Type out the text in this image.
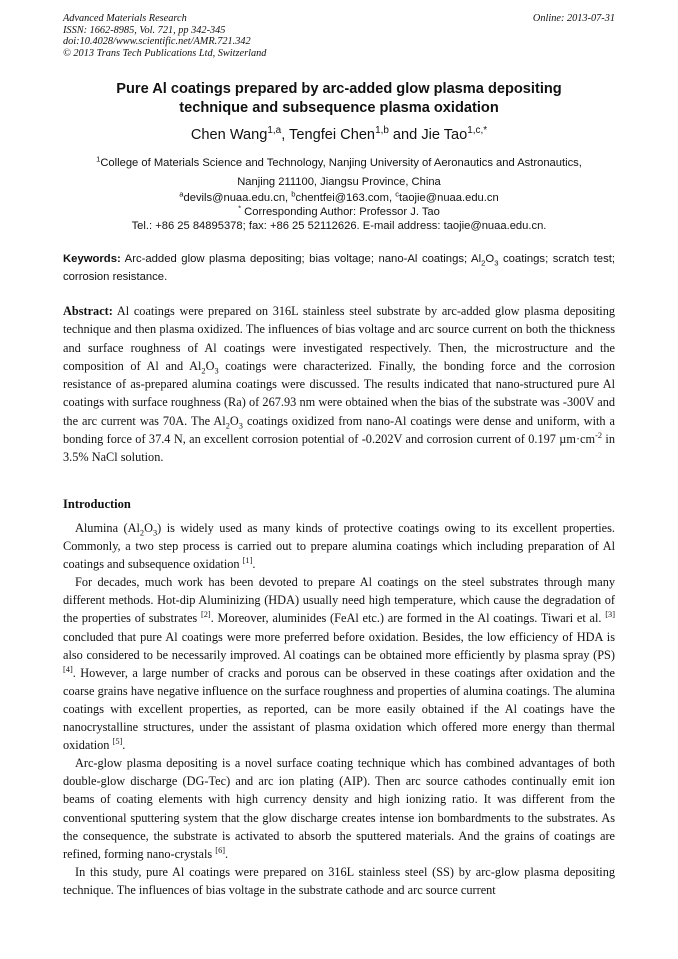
Advanced Materials Research
ISSN: 1662-8985, Vol. 721, pp 342-345
doi:10.4028/www.scientific.net/AMR.721.342
© 2013 Trans Tech Publications Ltd, Switzerland
Online: 2013-07-31
Pure Al coatings prepared by arc-added glow plasma depositing
technique and subsequence plasma oxidation
Chen Wang$^{1,a}$, Tengfei Chen$^{1,b}$ and Jie Tao$^{1,c,*}$
$^1$College of Materials Science and Technology, Nanjing University of Aeronautics and Astronautics,
Nanjing 211100, Jiangsu Province, China
$^a$devils@nuaa.edu.cn, $^b$chentfei@163.com, $^c$taojie@nuaa.edu.cn
* Corresponding Author: Professor J. Tao
Tel.: +86 25 84895378; fax: +86 25 52112626. E-mail address: taojie@nuaa.edu.cn.
Keywords: Arc-added glow plasma depositing; bias voltage; nano-Al coatings; $Al_2O_3$ coatings; scratch test; corrosion resistance.
Abstract: Al coatings were prepared on 316L stainless steel substrate by arc-added glow plasma depositing technique and then plasma oxidized. The influences of bias voltage and arc source current on both the thickness and surface roughness of Al coatings were investigated respectively. Then, the microstructure and the composition of Al and $Al_2O_3$ coatings were characterized. Finally, the bonding force and the corrosion resistance of as-prepared alumina coatings were discussed. The results indicated that nano-structured pure Al coatings with surface roughness (Ra) of 267.93 nm were obtained when the bias of the substrate was -300V and the arc current was 70A. The $Al_2O_3$ coatings oxidized from nano-Al coatings were dense and uniform, with a bonding force of 37.4 N, an excellent corrosion potential of -0.202V and corrosion current of 0.197 $\mu m\cdot cm^{-2}$ in 3.5% NaCl solution.
Introduction

Alumina $(Al_2O_3)$ is widely used as many kinds of protective coatings owing to its excellent properties. Commonly, a two step process is carried out to prepare alumina coatings which including preparation of Al coatings and subsequence oxidation [1].

For decades, much work has been devoted to prepare Al coatings on the steel substrates through many different methods. Hot-dip Aluminizing (HDA) usually need high temperature, which cause the degradation of the properties of substrates [2]. Moreover, aluminides (FeAl etc.) are formed in the Al coatings. Tiwari et al. [3] concluded that pure Al coatings were more preferred before oxidation. Besides, the low efficiency of HDA is also considered to be necessarily improved. Al coatings can be obtained more efficiently by plasma spray (PS) [4]. However, a large number of cracks and porous can be observed in these coatings after oxidation and the coarse grains have negative influence on the surface roughness and properties of alumina coatings. The alumina coatings with excellent properties, as reported, can be more easily obtained if the Al coatings have the nanocrystalline structures, under the assistant of plasma oxidation which offered more energy than thermal oxidation [5].

Arc-glow plasma depositing is a novel surface coating technique which has combined advantages of both double-glow discharge (DG-Tec) and arc ion plating (AIP). Then arc source cathodes continually emit ion beams of coating elements with high currency density and high ionizing ratio. It was different from the conventional sputtering system that the glow discharge creates intense ion bombardments to the substrates. As the consequence, the substrate is activated to absorb the sputtered materials. And the grains of coatings are refined, forming nano-crystals [6].

In this study, pure Al coatings were prepared on 316L stainless steel (SS) by arc-glow plasma depositing technique. The influences of bias voltage in the substrate cathode and arc source current
